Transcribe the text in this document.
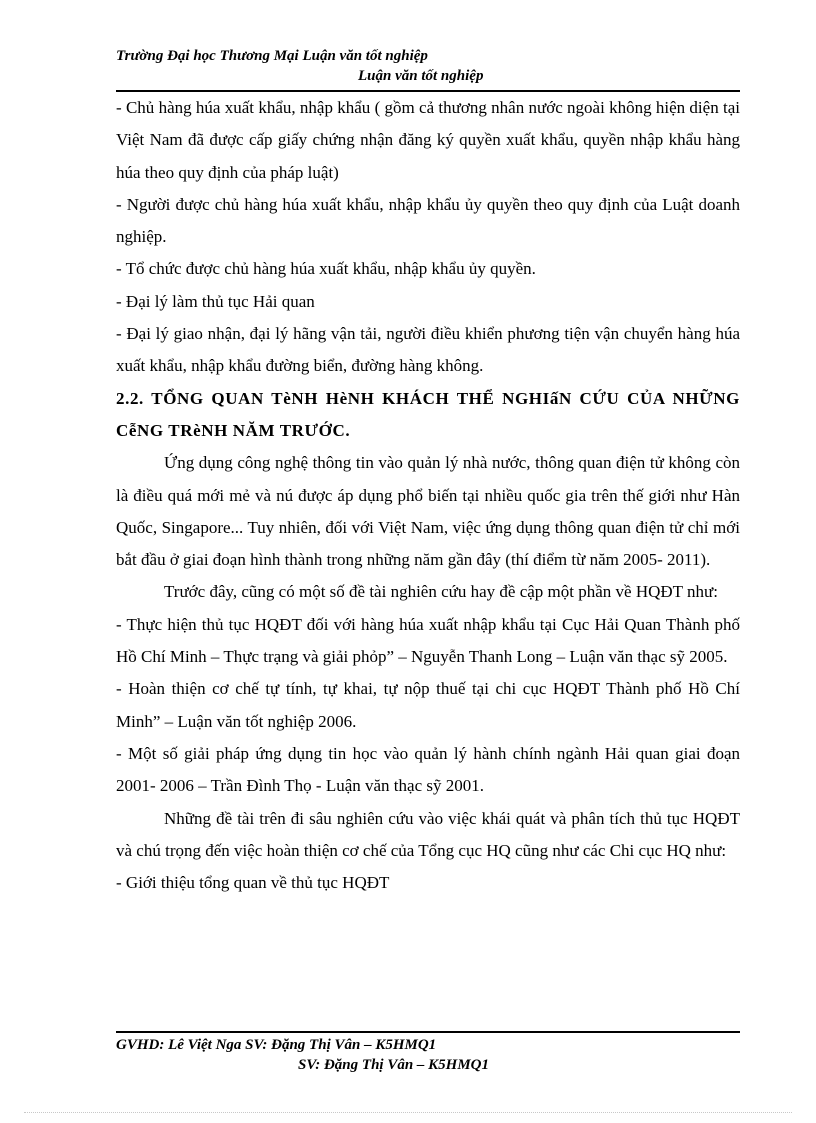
Trường Đại học Thương Mại Luận văn tốt nghiệp
Luận văn tốt nghiệp

- Chủ hàng húa xuất khẩu, nhập khẩu ( gồm cả thương nhân nước ngoài không hiện diện tại Việt Nam đã được cấp giấy chứng nhận đăng ký quyền xuất khẩu, quyền nhập khẩu hàng húa theo quy định của pháp luật)

- Người được chủ hàng húa xuất khẩu, nhập khẩu ủy quyền theo quy định của Luật doanh nghiệp.

- Tổ chức được chủ hàng húa xuất khẩu, nhập khẩu ủy quyền.

- Đại lý làm thủ tục Hải quan

- Đại lý giao nhận, đại lý hãng vận tải, người điều khiển phương tiện vận chuyển hàng húa xuất khẩu, nhập khẩu đường biển, đường hàng không.

2.2. TỔNG QUAN TèNH HèNH KHÁCH THỂ NGHIấN CỨU CỦA NHỮNG CễNG TRèNH NĂM TRƯỚC.

Ứng dụng công nghệ thông tin vào quản lý nhà nước, thông quan điện tử không còn là điều quá mới mẻ và nú được áp dụng phổ biến tại nhiều quốc gia trên thế giới như Hàn Quốc, Singapore... Tuy nhiên, đối với Việt Nam, việc ứng dụng thông quan điện tử chỉ mới bắt đầu ở giai đoạn hình thành trong những năm gần đây (thí điểm từ năm 2005- 2011).

Trước đây, cũng có một số đề tài nghiên cứu hay đề cập một phần về HQĐT như:

- Thực hiện thủ tục HQĐT đối với hàng húa xuất nhập khẩu tại Cục Hải Quan Thành phố Hồ Chí Minh – Thực trạng và giải phỏp” – Nguyễn Thanh Long – Luận văn thạc sỹ 2005.

- Hoàn thiện cơ chế tự tính, tự khai, tự nộp thuế tại chi cục HQĐT Thành phố Hồ Chí Minh” – Luận văn tốt nghiệp 2006.

- Một số giải pháp ứng dụng tin học vào quản lý hành chính ngành Hải quan giai đoạn 2001- 2006 – Trần Đình Thọ - Luận văn thạc sỹ 2001.

Những đề tài trên đi sâu nghiên cứu vào việc khái quát và phân tích thủ tục HQĐT và chú trọng đến việc hoàn thiện cơ chế của Tổng cục HQ cũng như các Chi cục HQ như:

- Giới thiệu tổng quan về thủ tục HQĐT

GVHD: Lê Việt Nga SV: Đặng Thị Vân – K5HMQ1
SV: Đặng Thị Vân – K5HMQ1
